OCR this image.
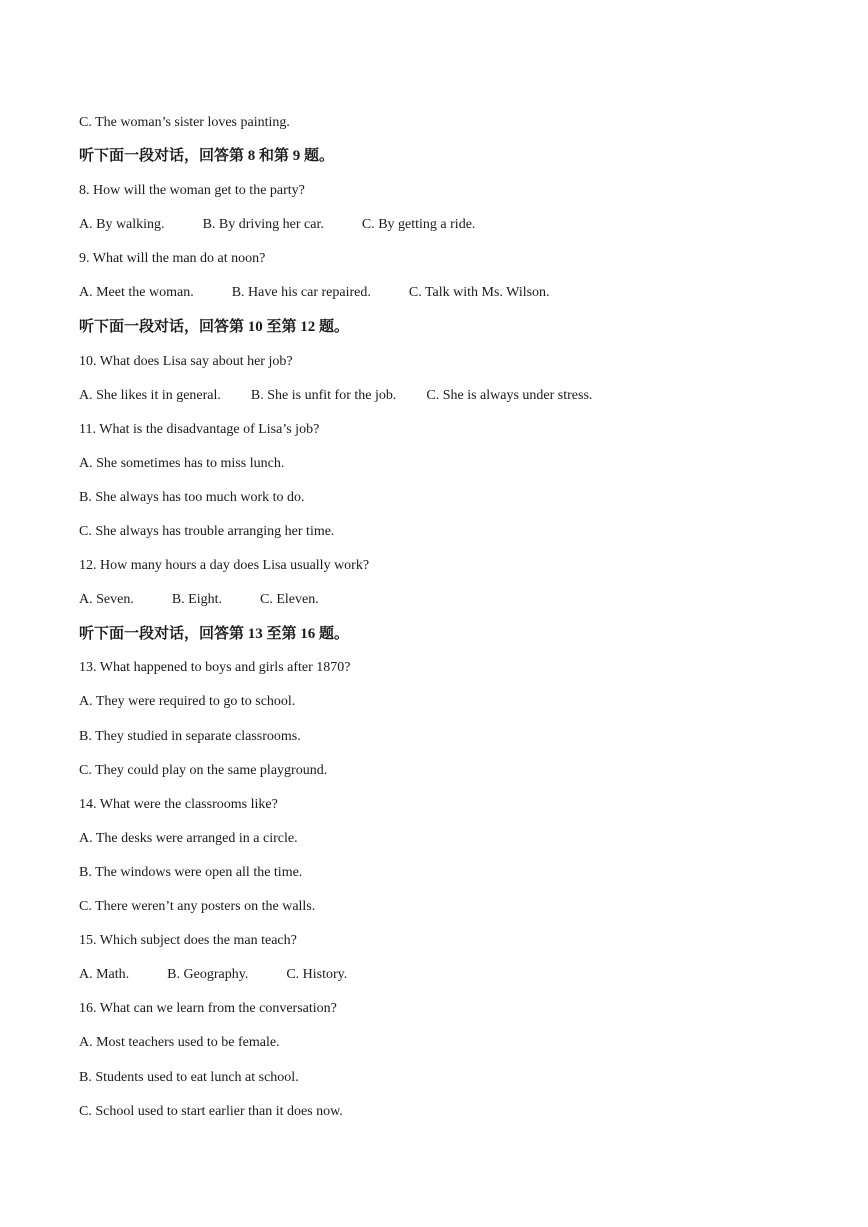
C. The woman’s sister loves painting.
听下面一段对话，回答第 8 和第 9 题。
8. How will the woman get to the party?
A. By walking.	B. By driving her car.	C. By getting a ride.
9. What will the man do at noon?
A. Meet the woman.	B. Have his car repaired.	C. Talk with Ms. Wilson.
听下面一段对话，回答第 10 至第 12 题。
10. What does Lisa say about her job?
A. She likes it in general. B. She is unfit for the job. C. She is always under stress.
11. What is the disadvantage of Lisa’s job?
A. She sometimes has to miss lunch.
B. She always has too much work to do.
C. She always has trouble arranging her time.
12. How many hours a day does Lisa usually work?
A. Seven.	B. Eight.	C. Eleven.
听下面一段对话，回答第 13 至第 16 题。
13. What happened to boys and girls after 1870?
A. They were required to go to school.
B. They studied in separate classrooms.
C. They could play on the same playground.
14. What were the classrooms like?
A. The desks were arranged in a circle.
B. The windows were open all the time.
C. There weren’t any posters on the walls.
15. Which subject does the man teach?
A. Math.	B. Geography.	C. History.
16. What can we learn from the conversation?
A. Most teachers used to be female.
B. Students used to eat lunch at school.
C. School used to start earlier than it does now.
